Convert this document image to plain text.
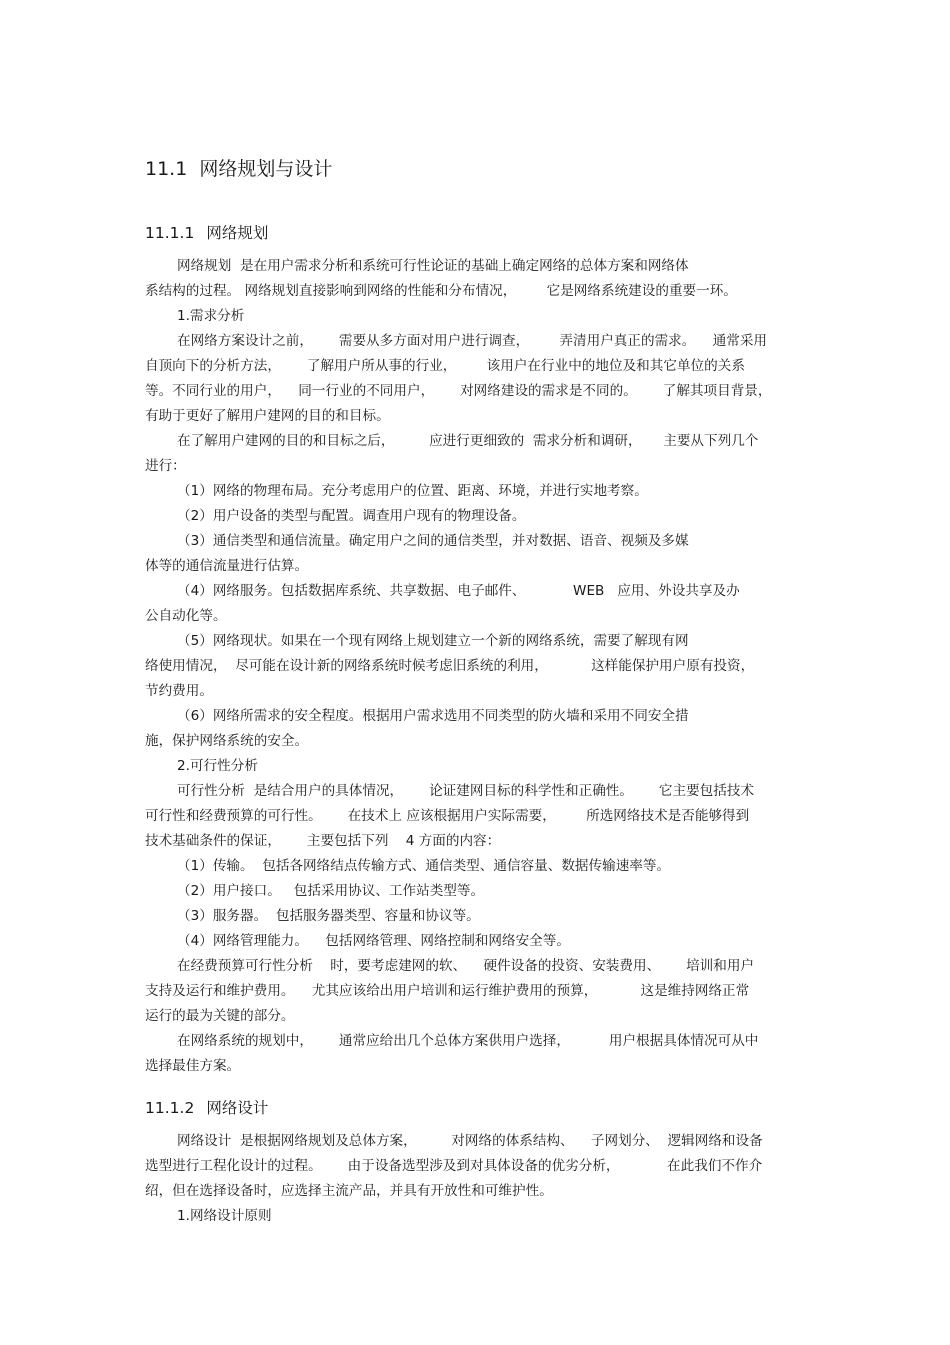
11.1 网络规划与设计
11.1.1 网络规划
网络规划  是在用户需求分析和系统可行性论证的基础上确定网络的总体方案和网络体
系结构的过程。 网络规划直接影响到网络的性能和分布情况，       它是网络系统建设的重要一环。
1.需求分析
在网络方案设计之前，      需要从多方面对用户进行调查，       弄清用户真正的需求。    通常采用
自顶向下的分析方法，      了解用户所从事的行业，       该用户在行业中的地位及和其它单位的关系
等。不同行业的用户，    同一行业的不同用户，      对网络建设的需求是不同的。      了解其项目背景，
有助于更好了解用户建网的目的和目标。
在了解用户建网的目的和目标之后，        应进行更细致的  需求分析和调研，     主要从下列几个
进行：
（1）网络的物理布局。充分考虑用户的位置、距离、环境，并进行实地考察。
（2）用户设备的类型与配置。调查用户现有的物理设备。
（3）通信类型和通信流量。确定用户之间的通信类型，并对数据、语音、视频及多媒
体等的通信流量进行估算。
（4）网络服务。包括数据库系统、共享数据、电子邮件、           WEB   应用、外设共享及办
公自动化等。
（5）网络现状。如果在一个现有网络上规划建立一个新的网络系统，需要了解现有网
络使用情况，  尽可能在设计新的网络系统时候考虑旧系统的利用，          这样能保护用户原有投资，
节约费用。
（6）网络所需求的安全程度。根据用户需求选用不同类型的防火墙和采用不同安全措
施，保护网络系统的安全。
2.可行性分析
可行性分析  是结合用户的具体情况，      论证建网目标的科学性和正确性。      它主要包括技术
可行性和经费预算的可行性。      在技术上 应该根据用户实际需要，       所选网络技术是否能够得到
技术基础条件的保证，      主要包括下列    4 方面的内容：
（1）传输。  包括各网络结点传输方式、通信类型、通信容量、数据传输速率等。
（2）用户接口。   包括采用协议、工作站类型等。
（3）服务器。  包括服务器类型、容量和协议等。
（4）网络管理能力。    包括网络管理、网络控制和网络安全等。
在经费预算可行性分析    时，要考虑建网的软、    硬件设备的投资、安装费用、      培训和用户
支持及运行和维护费用。    尤其应该给出用户培训和运行维护费用的预算，          这是维持网络正常
运行的最为关键的部分。
在网络系统的规划中，      通常应给出几个总体方案供用户选择，         用户根据具体情况可从中
选择最佳方案。
11.1.2 网络设计
网络设计  是根据网络规划及总体方案，        对网络的体系结构、    子网划分、  逻辑网络和设备
选型进行工程化设计的过程。      由于设备选型涉及到对具体设备的优劣分析，           在此我们不作介
绍，但在选择设备时，应选择主流产品，并具有开放性和可维护性。
1.网络设计原则
